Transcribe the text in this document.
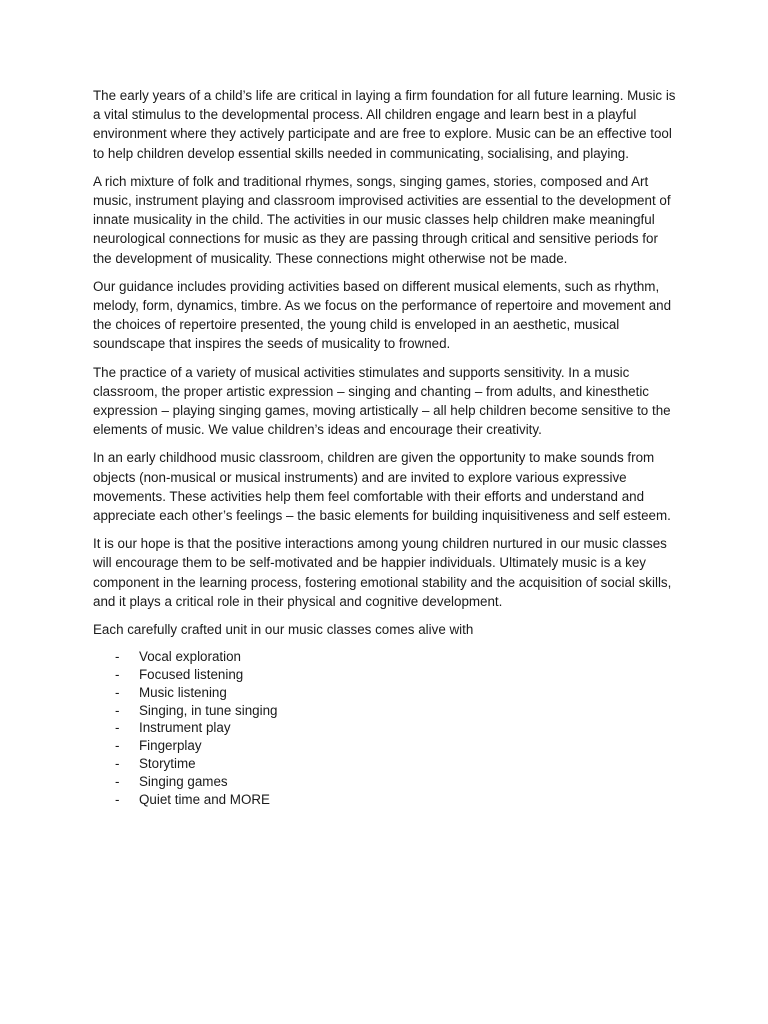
The early years of a child’s life are critical in laying a firm foundation for all future learning. Music is a vital stimulus to the developmental process. All children engage and learn best in a playful environment where they actively participate and are free to explore. Music can be an effective tool to help children develop essential skills needed in communicating, socialising, and playing.

A rich mixture of folk and traditional rhymes, songs, singing games, stories, composed and Art music, instrument playing and classroom improvised activities are essential to the development of innate musicality in the child. The activities in our music classes help children make meaningful neurological connections for music as they are passing through critical and sensitive periods for the development of musicality. These connections might otherwise not be made.

Our guidance includes providing activities based on different musical elements, such as rhythm, melody, form, dynamics, timbre. As we focus on the performance of repertoire and movement and the choices of repertoire presented, the young child is enveloped in an aesthetic, musical soundscape that inspires the seeds of musicality to frowned.

The practice of a variety of musical activities stimulates and supports sensitivity. In a music classroom, the proper artistic expression – singing and chanting – from adults, and kinesthetic expression – playing singing games, moving artistically – all help children become sensitive to the elements of music. We value children’s ideas and encourage their creativity.

In an early childhood music classroom, children are given the opportunity to make sounds from objects (non-musical or musical instruments) and are invited to explore various expressive movements. These activities help them feel comfortable with their efforts and understand and appreciate each other’s feelings – the basic elements for building inquisitiveness and self esteem.

It is our hope is that the positive interactions among young children nurtured in our music classes will encourage them to be self-motivated and be happier individuals. Ultimately music is a key component in the learning process, fostering emotional stability and the acquisition of social skills, and it plays a critical role in their physical and cognitive development.

Each carefully crafted unit in our music classes comes alive with

-	Vocal exploration
-	Focused listening
-	Music listening
-	Singing, in tune singing
-	Instrument play
-	Fingerplay
-	Storytime
-	Singing games
-	Quiet time and MORE
